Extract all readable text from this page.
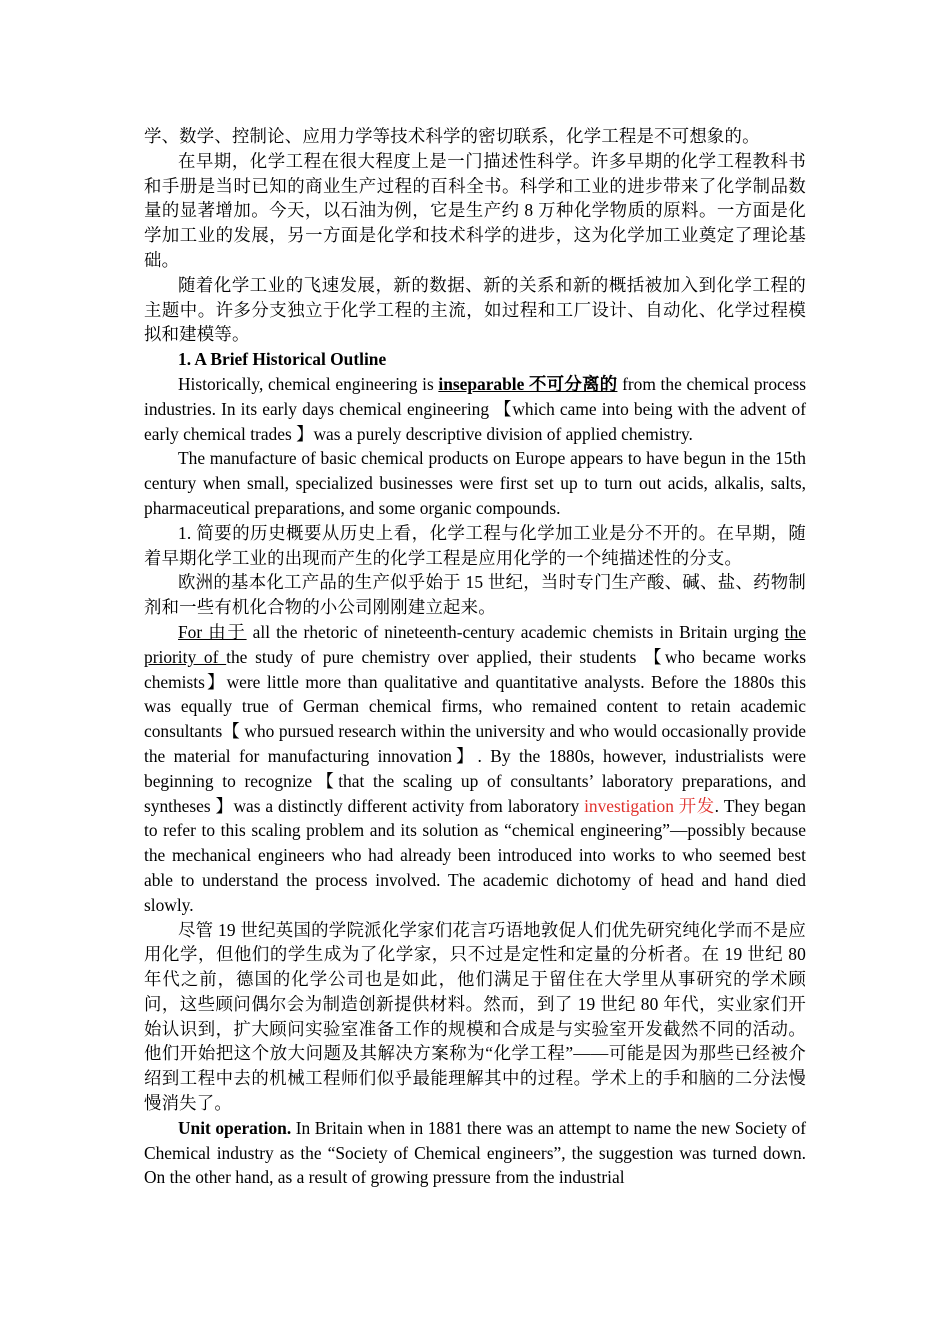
学、数学、控制论、应用力学等技术科学的密切联系，化学工程是不可想象的。

在早期，化学工程在很大程度上是一门描述性科学。许多早期的化学工程教科书和手册是当时已知的商业生产过程的百科全书。科学和工业的进步带来了化学制品数量的显著增加。今天，以石油为例，它是生产约 8 万种化学物质的原料。一方面是化学加工业的发展，另一方面是化学和技术科学的进步，这为化学加工业奠定了理论基础。

随着化学工业的飞速发展，新的数据、新的关系和新的概括被加入到化学工程的主题中。许多分支独立于化学工程的主流，如过程和工厂设计、自动化、化学过程模拟和建模等。

1. A Brief Historical Outline

Historically, chemical engineering is inseparable 不可分离的 from the chemical process industries. In its early days chemical engineering 【which came into being with the advent of early chemical trades 】was a purely descriptive division of applied chemistry.

The manufacture of basic chemical products on Europe appears to have begun in the 15th century when small, specialized businesses were first set up to turn out acids, alkalis, salts, pharmaceutical preparations, and some organic compounds.

1. 简要的历史概要从历史上看，化学工程与化学加工业是分不开的。在早期，随着早期化学工业的出现而产生的化学工程是应用化学的一个纯描述性的分支。

欧洲的基本化工产品的生产似乎始于 15 世纪，当时专门生产酸、碱、盐、药物制剂和一些有机化合物的小公司刚刚建立起来。

For 由于 all the rhetoric of nineteenth-century academic chemists in Britain urging the priority of the study of pure chemistry over applied, their students 【who became works chemists】were little more than qualitative and quantitative analysts. Before the 1880s this was equally true of German chemical firms, who remained content to retain academic consultants【 who pursued research within the university and who would occasionally provide the material for manufacturing innovation】. By the 1880s, however, industrialists were beginning to recognize【that the scaling up of consultants’ laboratory preparations, and syntheses 】was a distinctly different activity from laboratory investigation 开发. They began to refer to this scaling problem and its solution as “chemical engineering”—possibly because the mechanical engineers who had already been introduced into works to who seemed best able to understand the process involved. The academic dichotomy of head and hand died slowly.

尽管 19 世纪英国的学院派化学家们花言巧语地敦促人们优先研究纯化学而不是应用化学，但他们的学生成为了化学家，只不过是定性和定量的分析者。在 19 世纪 80 年代之前，德国的化学公司也是如此，他们满足于留住在大学里从事研究的学术顾问，这些顾问偶尔会为制造创新提供材料。然而，到了 19 世纪 80 年代，实业家们开始认识到，扩大顾问实验室准备工作的规模和合成是与实验室开发截然不同的活动。他们开始把这个放大问题及其解决方案称为“化学工程”——可能是因为那些已经被介绍到工程中去的机械工程师们似乎最能理解其中的过程。学术上的手和脑的二分法慢慢消失了。

Unit operation. In Britain when in 1881 there was an attempt to name the new Society of Chemical industry as the “Society of Chemical engineers”, the suggestion was turned down. On the other hand, as a result of growing pressure from the industrial
